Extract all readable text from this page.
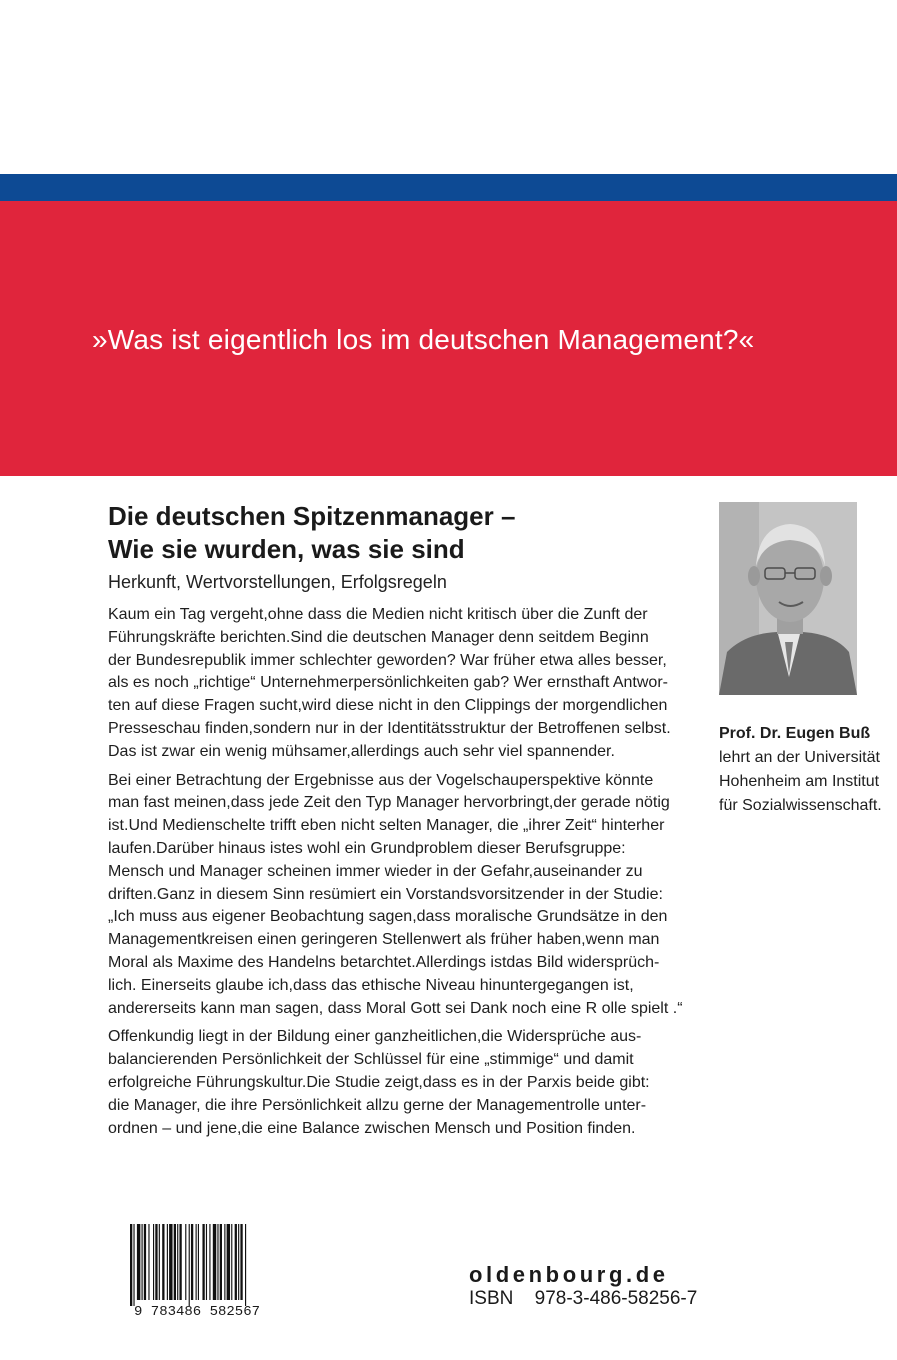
»Was ist eigentlich los im deutschen Management?«
Die deutschen Spitzenmanager –
Wie sie wurden, was sie sind
Herkunft, Wertvorstellungen, Erfolgsregeln

Kaum ein Tag vergeht,ohne dass die Medien nicht kritisch über die Zunft der
Führungskräfte berichten.Sind die deutschen Manager denn seitdem Beginn
der Bundesrepublik immer schlechter geworden? War früher etwa alles besser,
als es noch „richtige“ Unternehmerpersönlichkeiten gab? Wer ernsthaft Antwor-
ten auf diese Fragen sucht,wird diese nicht in den Clippings der morgendlichen
Presseschau finden,sondern nur in der Identitätsstruktur der Betroffenen selbst.
Das ist zwar ein wenig mühsamer,allerdings auch sehr viel spannender.

Bei einer Betrachtung der Ergebnisse aus der Vogelschauperspektive könnte
man fast meinen,dass jede Zeit den Typ Manager hervorbringt,der gerade nötig
ist.Und Medienschelte trifft eben nicht selten Manager, die „ihrer Zeit“ hinterher
laufen.Darüber hinaus istes wohl ein Grundproblem dieser Berufsgruppe:
Mensch und Manager scheinen immer wieder in der Gefahr,auseinander zu
driften.Ganz in diesem Sinn resümiert ein Vorstandsvorsitzender in der Studie:
„Ich muss aus eigener Beobachtung sagen,dass moralische Grundsätze in den
Managementkreisen einen geringeren Stellenwert als früher haben,wenn man
Moral als Maxime des Handelns betarchtet.Allerdings istdas Bild widersprüch-
lich. Einerseits glaube ich,dass das ethische Niveau hinuntergegangen ist,
andererseits kann man sagen, dass Moral Gott sei Dank noch eine R olle spielt .“

Offenkundig liegt in der Bildung einer ganzheitlichen,die Widersprüche aus-
balancierenden Persönlichkeit der Schlüssel für eine „stimmige“ und damit
erfolgreiche Führungskultur.Die Studie zeigt,dass es in der Parxis beide gibt:
die Manager, die ihre Persönlichkeit allzu gerne der Managementrolle unter-
ordnen – und jene,die eine Balance zwischen Mensch und Position finden.

Prof. Dr. Eugen Buß
lehrt an der Universität
Hohenheim am Institut
für Sozialwissenschaft.
9 783486 582567
oldenbourg.de
ISBN 978-3-486-58256-7
